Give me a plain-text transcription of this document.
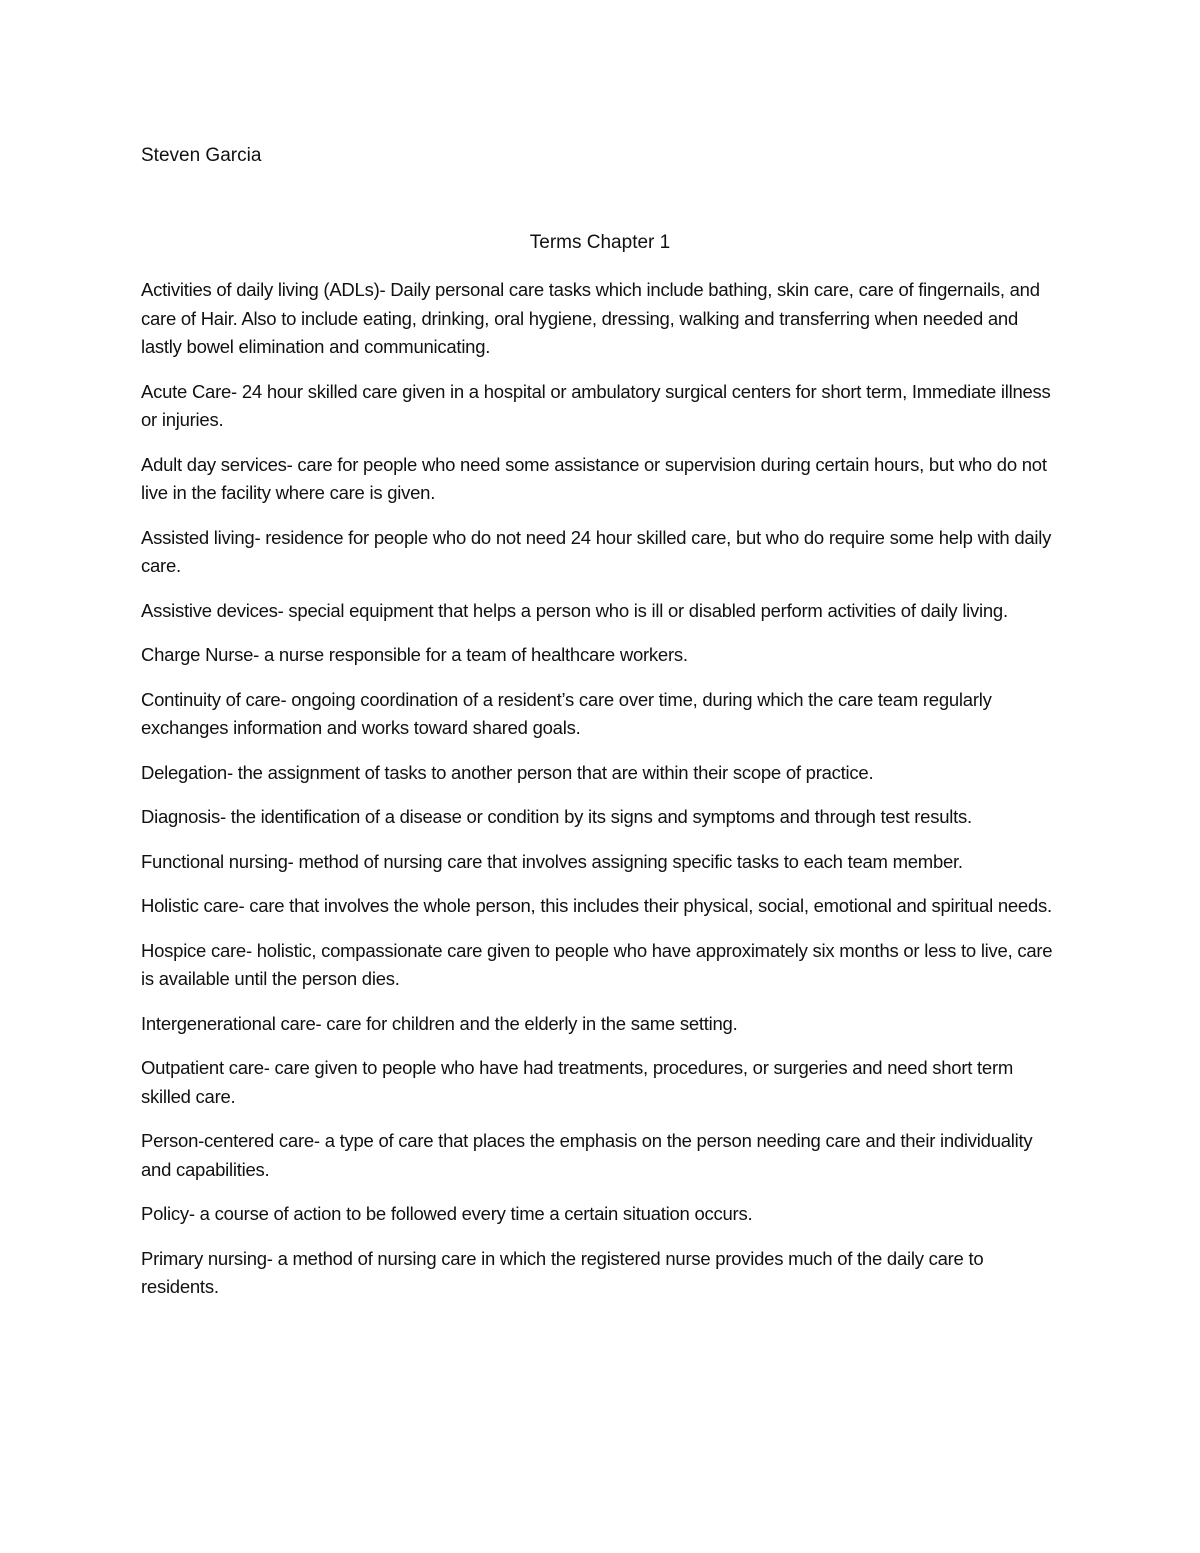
Steven Garcia

Terms Chapter 1

Activities of daily living (ADLs)- Daily personal care tasks which include bathing, skin care, care of fingernails, and care of Hair. Also to include eating, drinking, oral hygiene, dressing, walking and transferring when needed and lastly bowel elimination and communicating.

Acute Care- 24 hour skilled care given in a hospital or ambulatory surgical centers for short term, Immediate illness or injuries.

Adult day services- care for people who need some assistance or supervision during certain hours, but who do not live in the facility where care is given.

Assisted living- residence for people who do not need 24 hour skilled care, but who do require some help with daily care.

Assistive devices- special equipment that helps a person who is ill or disabled perform activities of daily living.

Charge Nurse- a nurse responsible for a team of healthcare workers.

Continuity of care- ongoing coordination of a resident’s care over time, during which the care team regularly exchanges information and works toward shared goals.

Delegation- the assignment of tasks to another person that are within their scope of practice.

Diagnosis- the identification of a disease or condition by its signs and symptoms and through test results.

Functional nursing- method of nursing care that involves assigning specific tasks to each team member.

Holistic care- care that involves the whole person, this includes their physical, social, emotional and spiritual needs.

Hospice care- holistic, compassionate care given to people who have approximately six months or less to live, care is available until the person dies.

Intergenerational care- care for children and the elderly in the same setting.

Outpatient care- care given to people who have had treatments, procedures, or surgeries and need short term skilled care.

Person-centered care- a type of care that places the emphasis on the person needing care and their individuality and capabilities.

Policy- a course of action to be followed every time a certain situation occurs.

Primary nursing- a method of nursing care in which the registered nurse provides much of the daily care to residents.
